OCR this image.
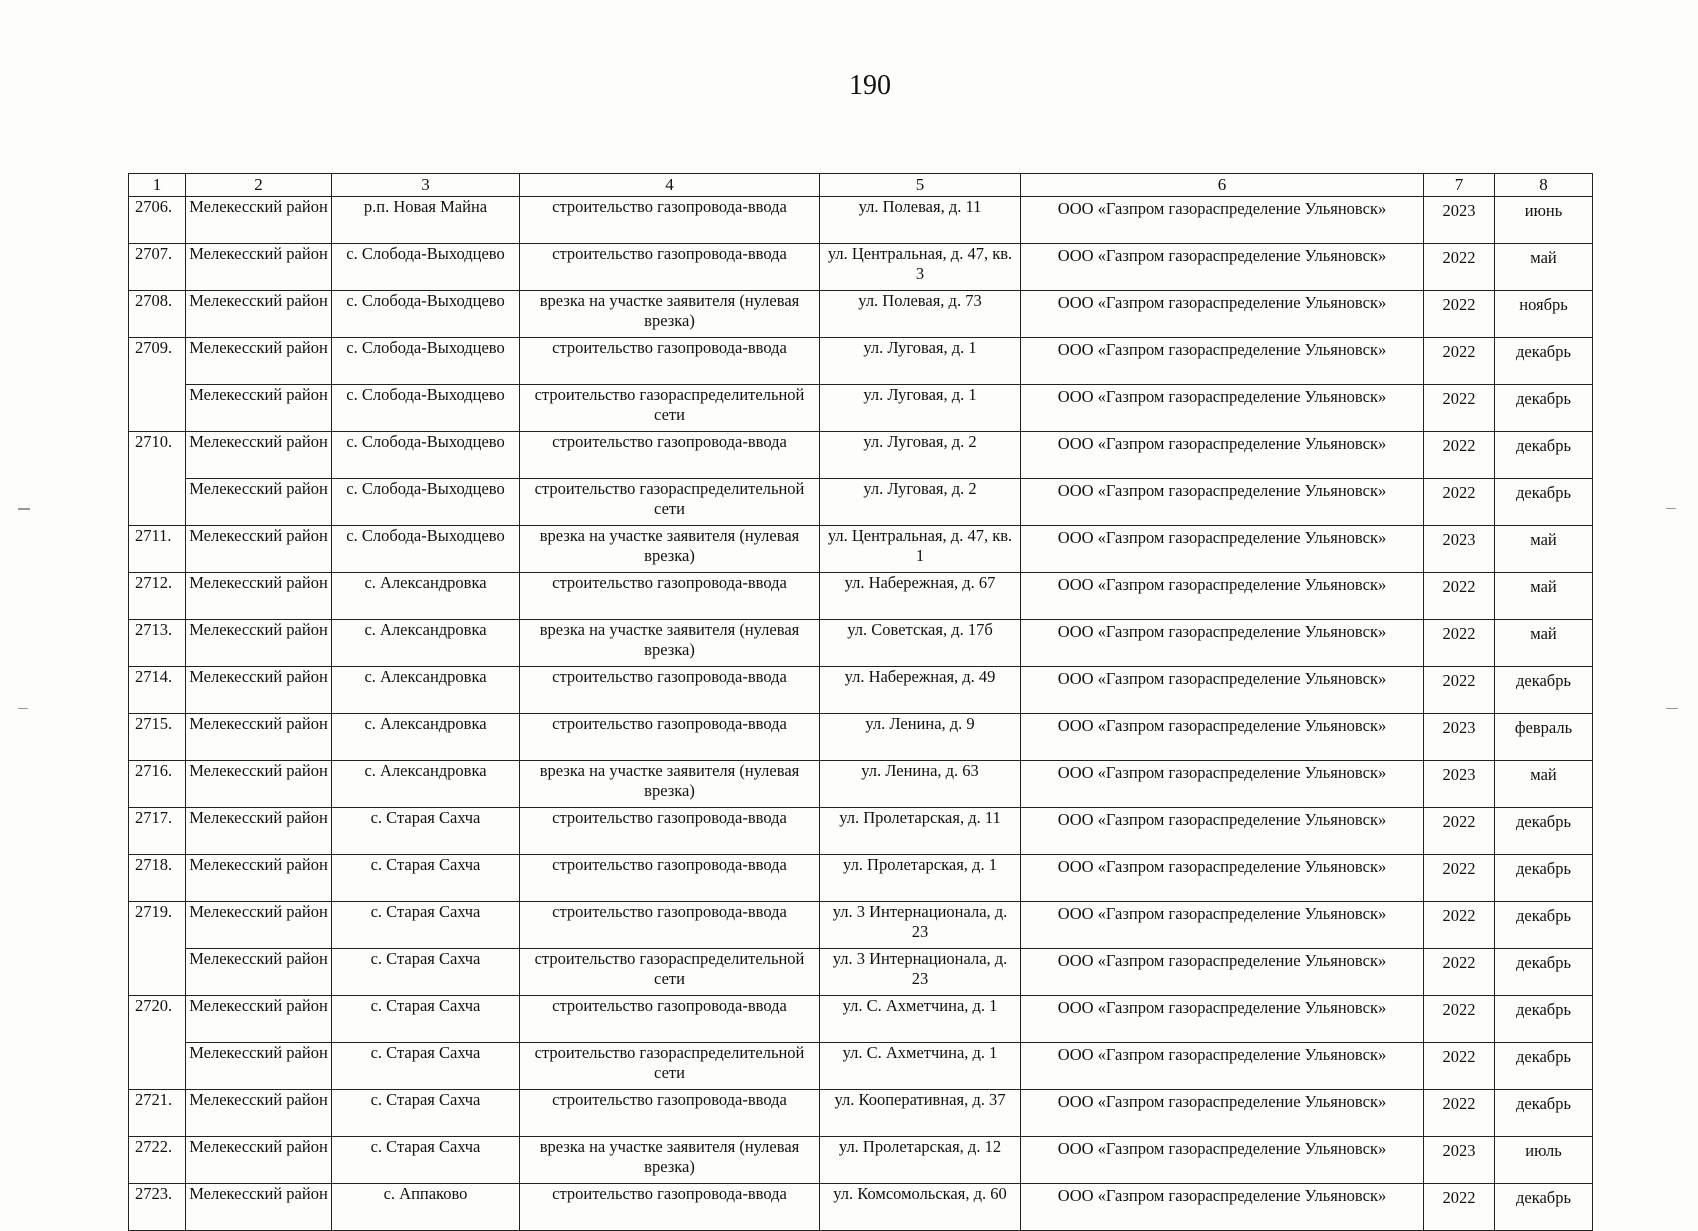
190
1	2	3	4	5	6	7	8
2706.	Мелекесский район	р.п. Новая Майна	строительство газопровода-ввода	ул. Полевая, д. 11	ООО «Газпром газораспределение Ульяновск»	2023	июнь
2707.	Мелекесский район	с. Слобода-Выходцево	строительство газопровода-ввода	ул. Центральная, д. 47, кв. 3	ООО «Газпром газораспределение Ульяновск»	2022	май
2708.	Мелекесский район	с. Слобода-Выходцево	врезка на участке заявителя (нулевая врезка)	ул. Полевая, д. 73	ООО «Газпром газораспределение Ульяновск»	2022	ноябрь
2709.	Мелекесский район	с. Слобода-Выходцево	строительство газопровода-ввода	ул. Луговая, д. 1	ООО «Газпром газораспределение Ульяновск»	2022	декабрь
	Мелекесский район	с. Слобода-Выходцево	строительство газораспределительной сети	ул. Луговая, д. 1	ООО «Газпром газораспределение Ульяновск»	2022	декабрь
2710.	Мелекесский район	с. Слобода-Выходцево	строительство газопровода-ввода	ул. Луговая, д. 2	ООО «Газпром газораспределение Ульяновск»	2022	декабрь
	Мелекесский район	с. Слобода-Выходцево	строительство газораспределительной сети	ул. Луговая, д. 2	ООО «Газпром газораспределение Ульяновск»	2022	декабрь
2711.	Мелекесский район	с. Слобода-Выходцево	врезка на участке заявителя (нулевая врезка)	ул. Центральная, д. 47, кв. 1	ООО «Газпром газораспределение Ульяновск»	2023	май
2712.	Мелекесский район	с. Александровка	строительство газопровода-ввода	ул. Набережная, д. 67	ООО «Газпром газораспределение Ульяновск»	2022	май
2713.	Мелекесский район	с. Александровка	врезка на участке заявителя (нулевая врезка)	ул. Советская, д. 17б	ООО «Газпром газораспределение Ульяновск»	2022	май
2714.	Мелекесский район	с. Александровка	строительство газопровода-ввода	ул. Набережная, д. 49	ООО «Газпром газораспределение Ульяновск»	2022	декабрь
2715.	Мелекесский район	с. Александровка	строительство газопровода-ввода	ул. Ленина, д. 9	ООО «Газпром газораспределение Ульяновск»	2023	февраль
2716.	Мелекесский район	с. Александровка	врезка на участке заявителя (нулевая врезка)	ул. Ленина, д. 63	ООО «Газпром газораспределение Ульяновск»	2023	май
2717.	Мелекесский район	с. Старая Сахча	строительство газопровода-ввода	ул. Пролетарская, д. 11	ООО «Газпром газораспределение Ульяновск»	2022	декабрь
2718.	Мелекесский район	с. Старая Сахча	строительство газопровода-ввода	ул. Пролетарская, д. 1	ООО «Газпром газораспределение Ульяновск»	2022	декабрь
2719.	Мелекесский район	с. Старая Сахча	строительство газопровода-ввода	ул. 3 Интернационала, д. 23	ООО «Газпром газораспределение Ульяновск»	2022	декабрь
	Мелекесский район	с. Старая Сахча	строительство газораспределительной сети	ул. 3 Интернационала, д. 23	ООО «Газпром газораспределение Ульяновск»	2022	декабрь
2720.	Мелекесский район	с. Старая Сахча	строительство газопровода-ввода	ул. С. Ахметчина, д. 1	ООО «Газпром газораспределение Ульяновск»	2022	декабрь
	Мелекесский район	с. Старая Сахча	строительство газораспределительной сети	ул. С. Ахметчина, д. 1	ООО «Газпром газораспределение Ульяновск»	2022	декабрь
2721.	Мелекесский район	с. Старая Сахча	строительство газопровода-ввода	ул. Кооперативная, д. 37	ООО «Газпром газораспределение Ульяновск»	2022	декабрь
2722.	Мелекесский район	с. Старая Сахча	врезка на участке заявителя (нулевая врезка)	ул. Пролетарская, д. 12	ООО «Газпром газораспределение Ульяновск»	2023	июль
2723.	Мелекесский район	с. Аппаково	строительство газопровода-ввода	ул. Комсомольская, д. 60	ООО «Газпром газораспределение Ульяновск»	2022	декабрь
